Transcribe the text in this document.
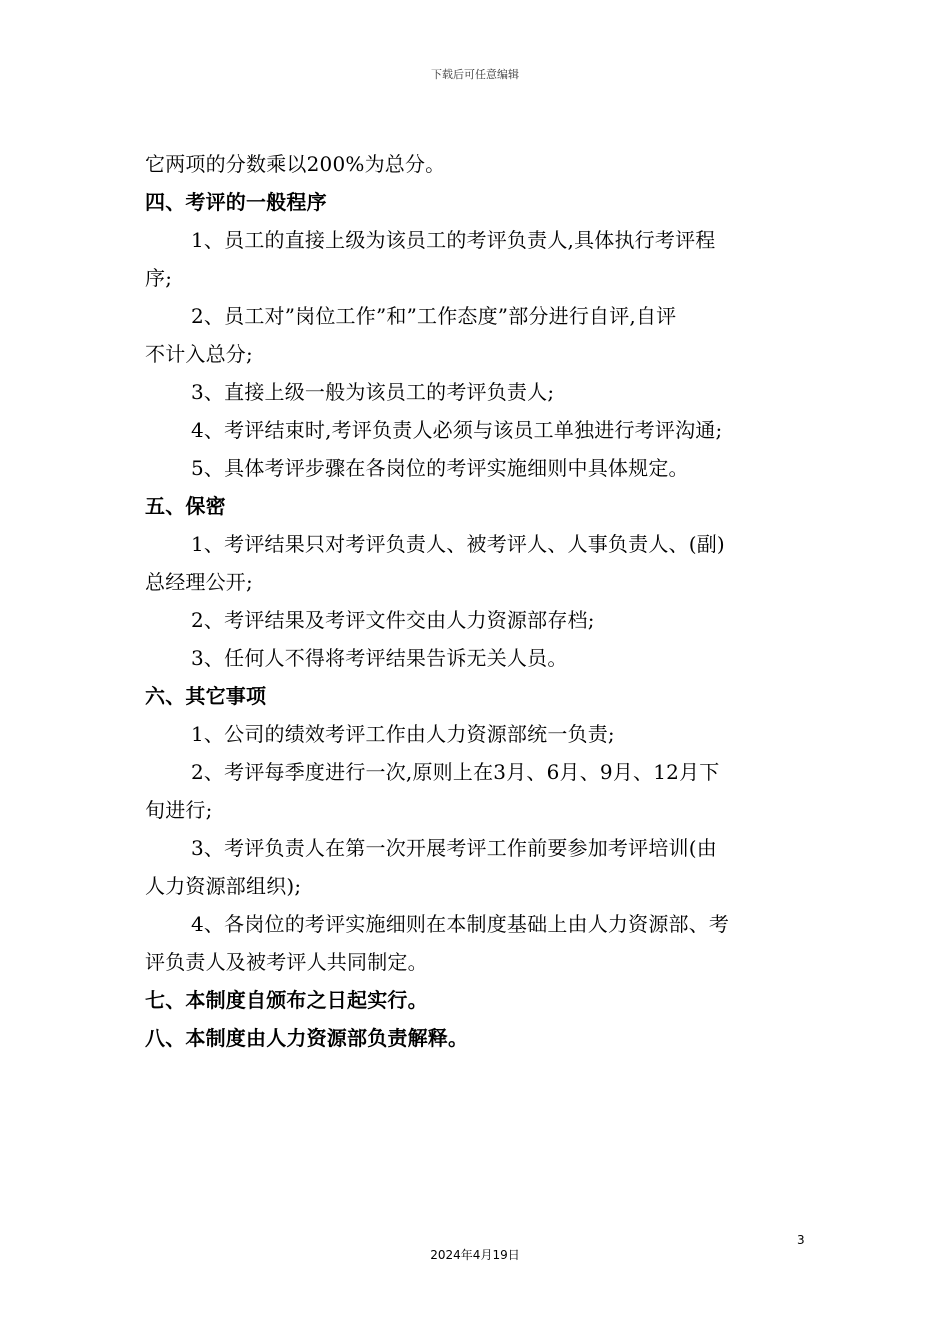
下载后可任意编辑
它两项的分数乘以200%为总分。
四、考评的一般程序
1、员工的直接上级为该员工的考评负责人,具体执行考评程
序;
2、员工对”岗位工作”和”工作态度”部分进行自评,自评
不计入总分;
3、直接上级一般为该员工的考评负责人;
4、考评结束时,考评负责人必须与该员工单独进行考评沟通;
5、具体考评步骤在各岗位的考评实施细则中具体规定。
五、保密
1、考评结果只对考评负责人、被考评人、人事负责人、(副)
总经理公开;
2、考评结果及考评文件交由人力资源部存档;
3、任何人不得将考评结果告诉无关人员。
六、其它事项
1、公司的绩效考评工作由人力资源部统一负责;
2、考评每季度进行一次,原则上在3月、6月、9月、12月下
旬进行;
3、考评负责人在第一次开展考评工作前要参加考评培训(由
人力资源部组织);
4、各岗位的考评实施细则在本制度基础上由人力资源部、考
评负责人及被考评人共同制定。
七、本制度自颁布之日起实行。
八、本制度由人力资源部负责解释。
3
2024年4月19日
